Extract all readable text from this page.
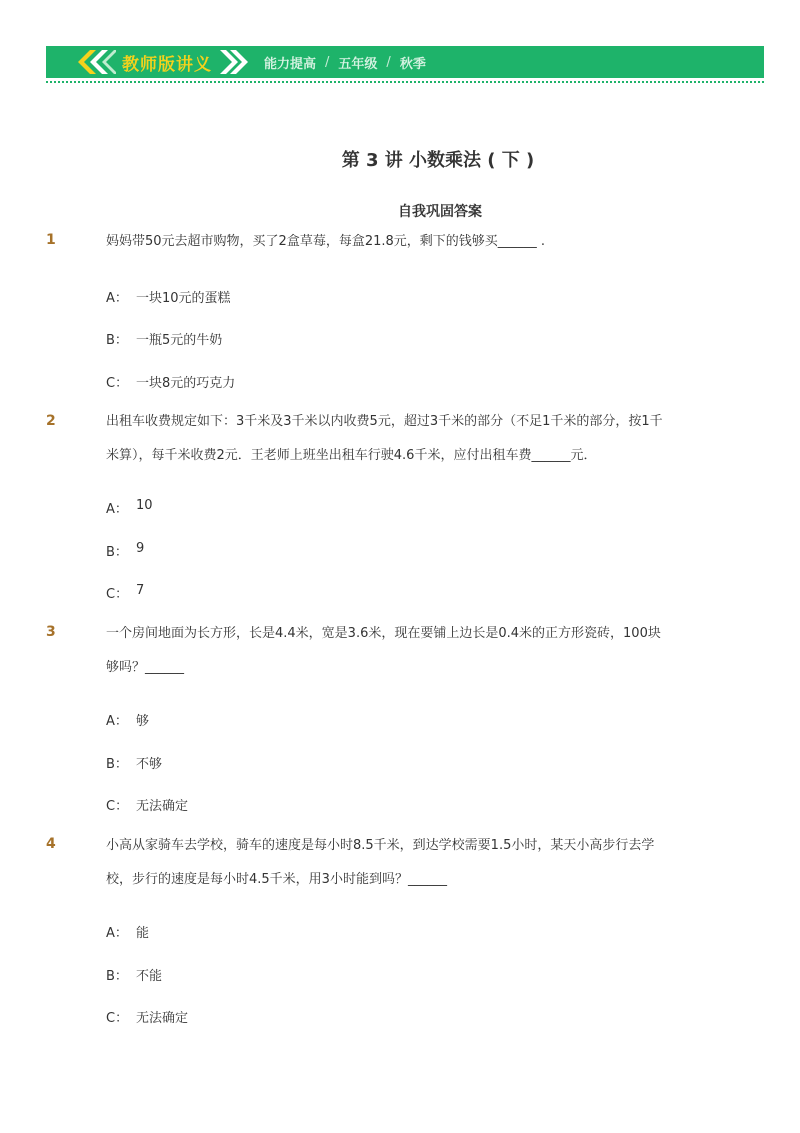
教师版讲义	能力提高 / 五年级 / 秋季
第 3 讲 小数乘法 ( 下 )
自我巩固答案
1	妈妈带50元去超市购物，买了2盒草莓，每盒21.8元，剩下的钱够买______ .
A： 一块10元的蛋糕
B： 一瓶5元的牛奶
C： 一块8元的巧克力
2	出租车收费规定如下：3千米及3千米以内收费5元，超过3千米的部分（不足1千米的部分，按1千
米算），每千米收费2元．王老师上班坐出租车行驶4.6千米，应付出租车费______元．
A： 10
B： 9
C： 7
3	一个房间地面为长方形，长是4.4米，宽是3.6米，现在要铺上边长是0.4米的正方形瓷砖，100块
够吗？______
A： 够
B： 不够
C： 无法确定
4	小高从家骑车去学校，骑车的速度是每小时8.5千米，到达学校需要1.5小时，某天小高步行去学
校，步行的速度是每小时4.5千米，用3小时能到吗？______
A： 能
B： 不能
C： 无法确定
